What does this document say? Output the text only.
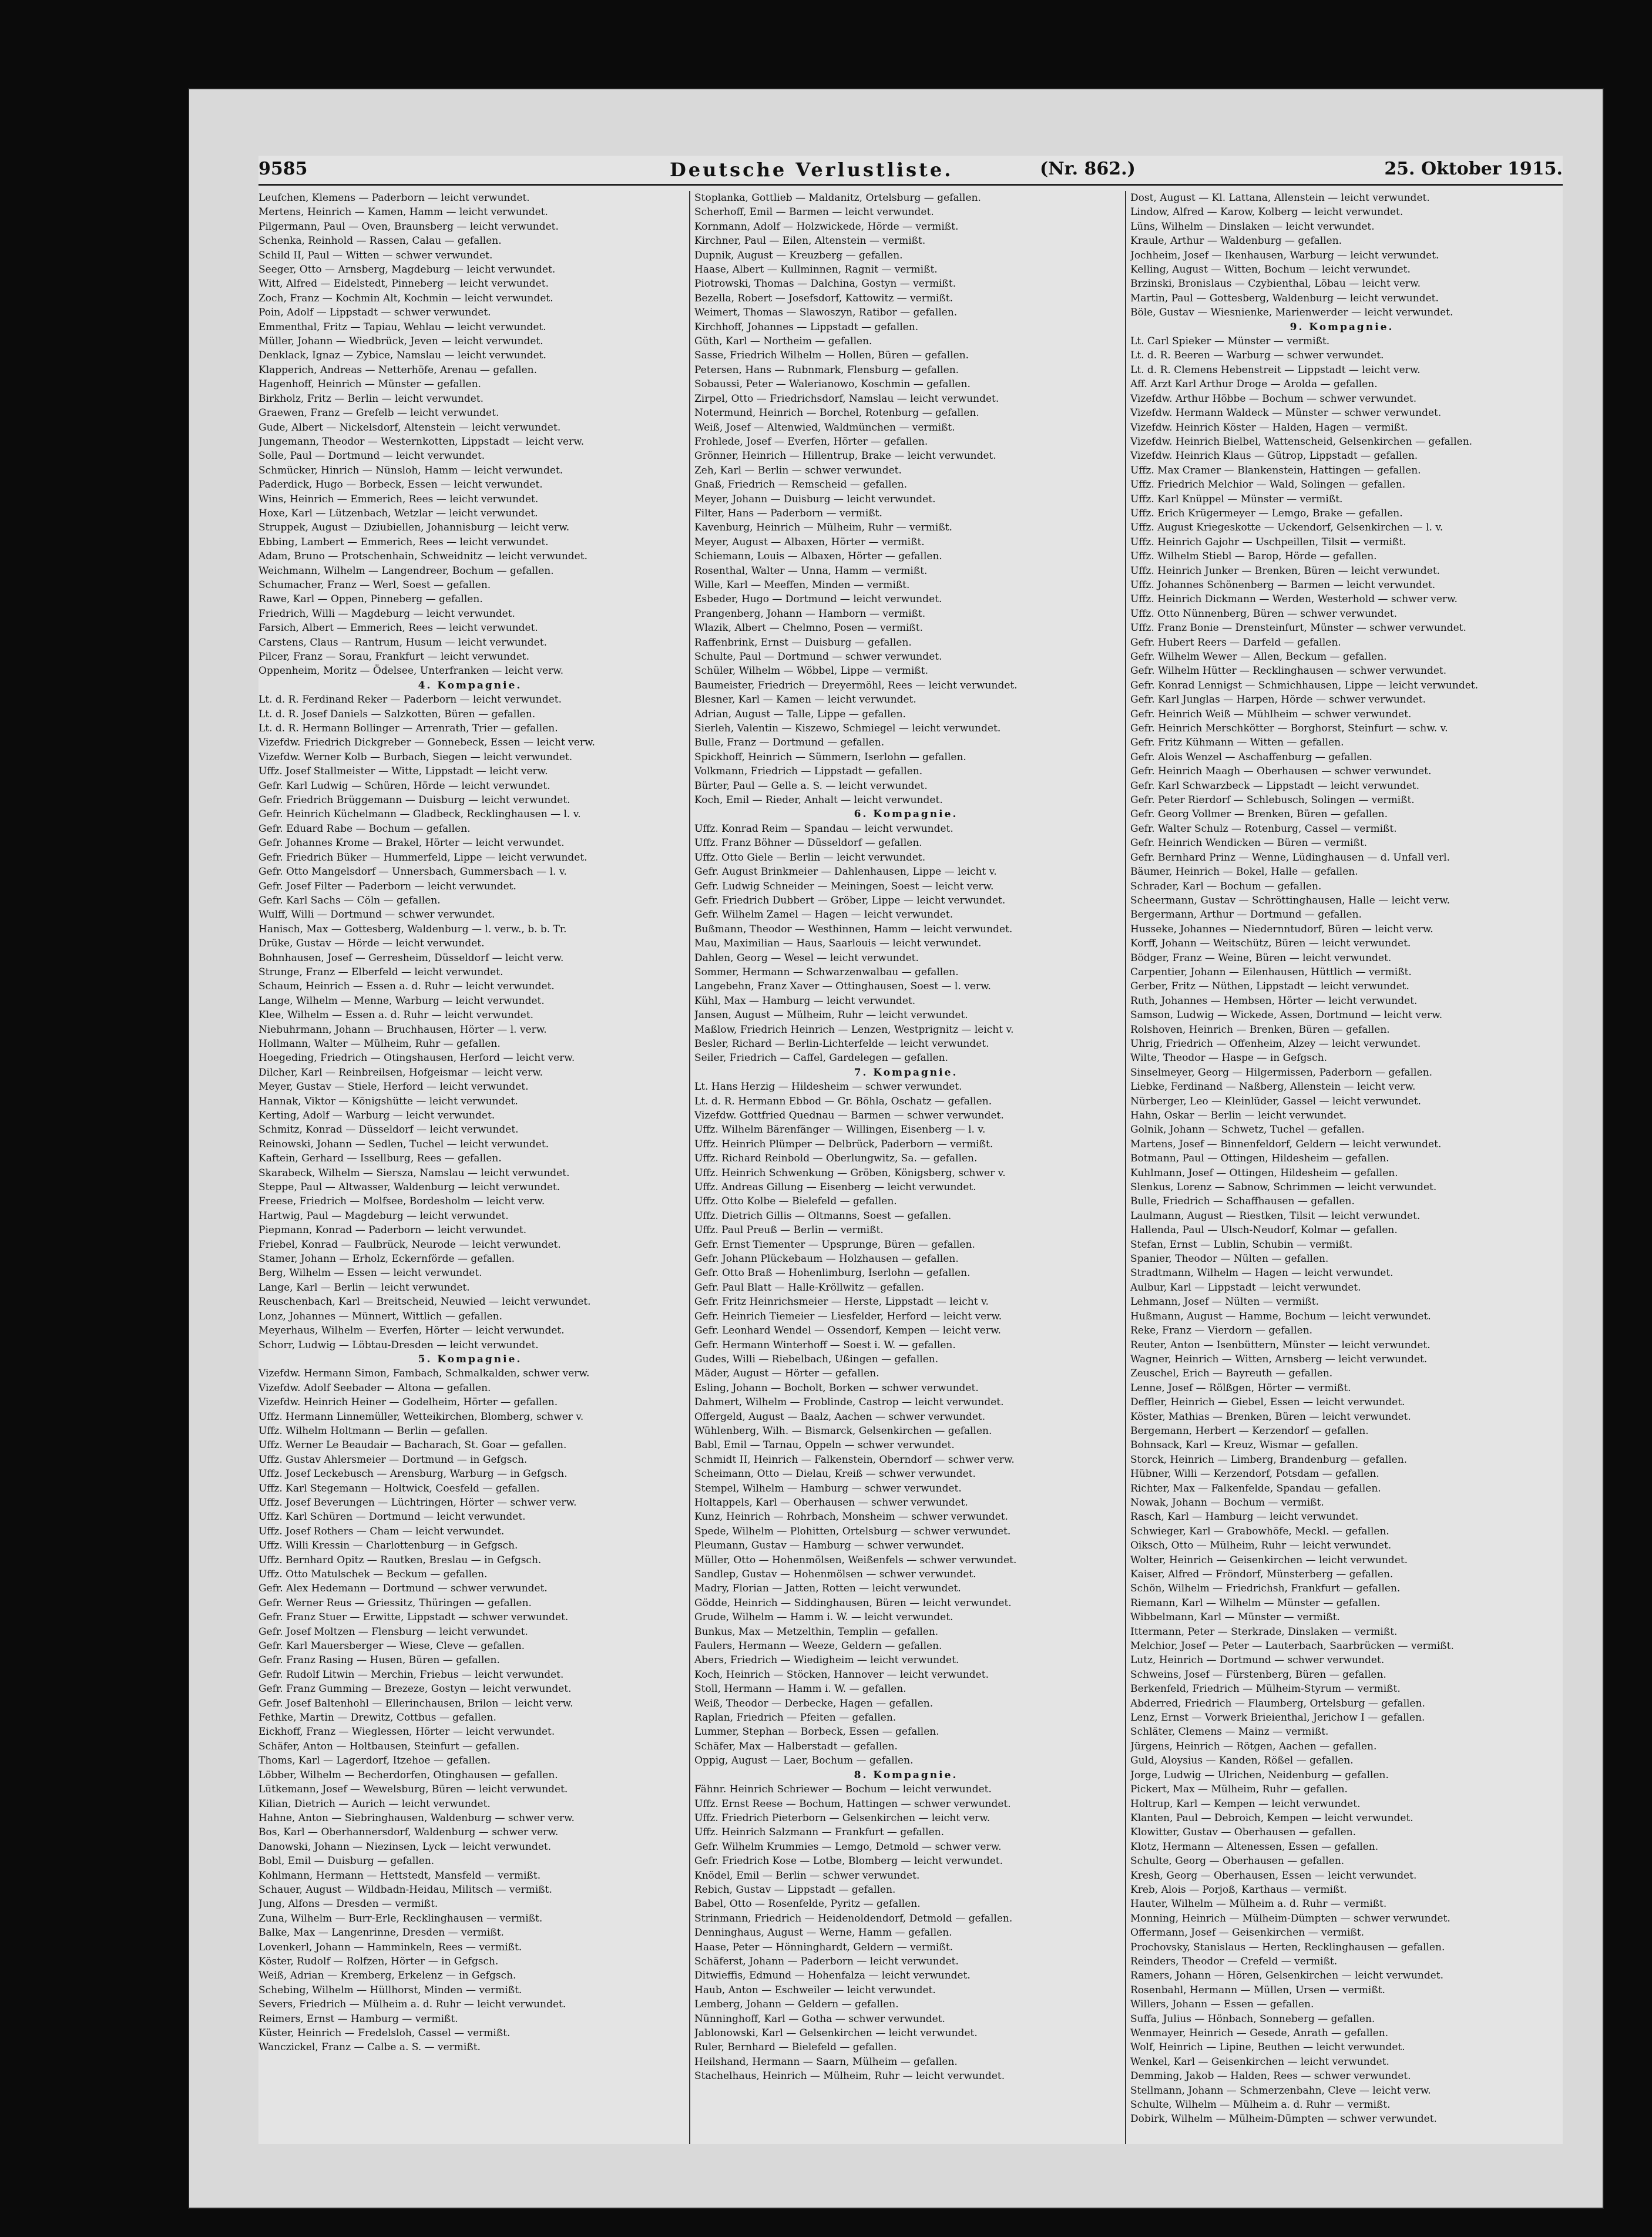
9585	Deutsche Verlustliste.	(Nr. 862.)	25. Oktober 1915.
Leufchen, Klemens — Paderborn — leicht verwundet.
Mertens, Heinrich — Kamen, Hamm — leicht verwundet.
Pilgermann, Paul — Oven, Braunsberg — leicht verwundet.
Schenka, Reinhold — Rassen, Calau — gefallen.
Schild II, Paul — Witten — schwer verwundet.
Seeger, Otto — Arnsberg, Magdeburg — leicht verwundet.
Witt, Alfred — Eidelstedt, Pinneberg — leicht verwundet.
Zoch, Franz — Kochmin Alt, Kochmin — leicht verwundet.
Poin, Adolf — Lippstadt — schwer verwundet.
Emmenthal, Fritz — Tapiau, Wehlau — leicht verwundet.
Müller, Johann — Wiedbrück, Jeven — leicht verwundet.
Denklack, Ignaz — Zybice, Namslau — leicht verwundet.
Klapperich, Andreas — Netterhöfe, Arenau — gefallen.
Hagenhoff, Heinrich — Münster — gefallen.
Birkholz, Fritz — Berlin — leicht verwundet.
Graewen, Franz — Grefelb — leicht verwundet.
Gude, Albert — Nickelsdorf, Altenstein — leicht verwundet.
Jungemann, Theodor — Westernkotten, Lippstadt — leicht verw.
Solle, Paul — Dortmund — leicht verwundet.
Schmücker, Hinrich — Nünsloh, Hamm — leicht verwundet.
Paderdick, Hugo — Borbeck, Essen — leicht verwundet.
Wins, Heinrich — Emmerich, Rees — leicht verwundet.
Hoxe, Karl — Lützenbach, Wetzlar — leicht verwundet.
Struppek, August — Dziubiellen, Johannisburg — leicht verw.
Ebbing, Lambert — Emmerich, Rees — leicht verwundet.
Adam, Bruno — Protschenhain, Schweidnitz — leicht verwundet.
Weichmann, Wilhelm — Langendreer, Bochum — gefallen.
Schumacher, Franz — Werl, Soest — gefallen.
Rawe, Karl — Oppen, Pinneberg — gefallen.
Friedrich, Willi — Magdeburg — leicht verwundet.
Farsich, Albert — Emmerich, Rees — leicht verwundet.
Carstens, Claus — Rantrum, Husum — leicht verwundet.
Pilcer, Franz — Sorau, Frankfurt — leicht verwundet.
Oppenheim, Moritz — Ödelsee, Unterfranken — leicht verw.
4. Kompagnie.
Lt. d. R. Ferdinand Reker — Paderborn — leicht verwundet.
Lt. d. R. Josef Daniels — Salzkotten, Büren — gefallen.
Lt. d. R. Hermann Bollinger — Arrenrath, Trier — gefallen.
Vizefdw. Friedrich Dickgreber — Gonnebeck, Essen — leicht verw.
Vizefdw. Werner Kolb — Burbach, Siegen — leicht verwundet.
Uffz. Josef Stallmeister — Witte, Lippstadt — leicht verw.
Gefr. Karl Ludwig — Schüren, Hörde — leicht verwundet.
Gefr. Friedrich Brüggemann — Duisburg — leicht verwundet.
Gefr. Heinrich Küchelmann — Gladbeck, Recklinghausen — l. v.
Gefr. Eduard Rabe — Bochum — gefallen.
Gefr. Johannes Krome — Brakel, Hörter — leicht verwundet.
Gefr. Friedrich Büker — Hummerfeld, Lippe — leicht verwundet.
Gefr. Otto Mangelsdorf — Unnersbach, Gummersbach — l. v.
Gefr. Josef Filter — Paderborn — leicht verwundet.
Gefr. Karl Sachs — Cöln — gefallen.
Wulff, Willi — Dortmund — schwer verwundet.
Hanisch, Max — Gottesberg, Waldenburg — l. verw., b. b. Tr.
Drüke, Gustav — Hörde — leicht verwundet.
Bohnhausen, Josef — Gerresheim, Düsseldorf — leicht verw.
Strunge, Franz — Elberfeld — leicht verwundet.
Schaum, Heinrich — Essen a. d. Ruhr — leicht verwundet.
Lange, Wilhelm — Menne, Warburg — leicht verwundet.
Klee, Wilhelm — Essen a. d. Ruhr — leicht verwundet.
Niebuhrmann, Johann — Bruchhausen, Hörter — l. verw.
Hollmann, Walter — Mülheim, Ruhr — gefallen.
Hoegeding, Friedrich — Otingshausen, Herford — leicht verw.
Dilcher, Karl — Reinbreilsen, Hofgeismar — leicht verw.
Meyer, Gustav — Stiele, Herford — leicht verwundet.
Hannak, Viktor — Königshütte — leicht verwundet.
Kerting, Adolf — Warburg — leicht verwundet.
Schmitz, Konrad — Düsseldorf — leicht verwundet.
Reinowski, Johann — Sedlen, Tuchel — leicht verwundet.
Kaftein, Gerhard — Issellburg, Rees — gefallen.
Skarabeck, Wilhelm — Siersza, Namslau — leicht verwundet.
Steppe, Paul — Altwasser, Waldenburg — leicht verwundet.
Freese, Friedrich — Molfsee, Bordesholm — leicht verw.
Hartwig, Paul — Magdeburg — leicht verwundet.
Piepmann, Konrad — Paderborn — leicht verwundet.
Friebel, Konrad — Faulbrück, Neurode — leicht verwundet.
Stamer, Johann — Erholz, Eckernförde — gefallen.
Berg, Wilhelm — Essen — leicht verwundet.
Lange, Karl — Berlin — leicht verwundet.
Reuschenbach, Karl — Breitscheid, Neuwied — leicht verwundet.
Lonz, Johannes — Münnert, Wittlich — gefallen.
Meyerhaus, Wilhelm — Everfen, Hörter — leicht verwundet.
Schorr, Ludwig — Löbtau-Dresden — leicht verwundet.
5. Kompagnie.
Vizefdw. Hermann Simon, Fambach, Schmalkalden, schwer verw.
Vizefdw. Adolf Seebader — Altona — gefallen.
Vizefdw. Heinrich Heiner — Godelheim, Hörter — gefallen.
Uffz. Hermann Linnemüller, Wetteikirchen, Blomberg, schwer v.
Uffz. Wilhelm Holtmann — Berlin — gefallen.
Uffz. Werner Le Beaudair — Bacharach, St. Goar — gefallen.
Uffz. Gustav Ahlersmeier — Dortmund — in Gefgsch.
Uffz. Josef Leckebusch — Arensburg, Warburg — in Gefgsch.
Uffz. Karl Stegemann — Holtwick, Coesfeld — gefallen.
Uffz. Josef Beverungen — Lüchtringen, Hörter — schwer verw.
Uffz. Karl Schüren — Dortmund — leicht verwundet.
Uffz. Josef Rothers — Cham — leicht verwundet.
Uffz. Willi Kressin — Charlottenburg — in Gefgsch.
Uffz. Bernhard Opitz — Rautken, Breslau — in Gefgsch.
Uffz. Otto Matulschek — Beckum — gefallen.
Gefr. Alex Hedemann — Dortmund — schwer verwundet.
Gefr. Werner Reus — Griessitz, Thüringen — gefallen.
Gefr. Franz Stuer — Erwitte, Lippstadt — schwer verwundet.
Gefr. Josef Moltzen — Flensburg — leicht verwundet.
Gefr. Karl Mauersberger — Wiese, Cleve — gefallen.
Gefr. Franz Rasing — Husen, Büren — gefallen.
Gefr. Rudolf Litwin — Merchin, Friebus — leicht verwundet.
Gefr. Franz Gumming — Brezeze, Gostyn — leicht verwundet.
Gefr. Josef Baltenhohl — Ellerinchausen, Brilon — leicht verw.
Fethke, Martin — Drewitz, Cottbus — gefallen.
Eickhoff, Franz — Wieglessen, Hörter — leicht verwundet.
Schäfer, Anton — Holtbausen, Steinfurt — gefallen.
Thoms, Karl — Lagerdorf, Itzehoe — gefallen.
Löbber, Wilhelm — Becherdorfen, Otinghausen — gefallen.
Lütkemann, Josef — Wewelsburg, Büren — leicht verwundet.
Kilian, Dietrich — Aurich — leicht verwundet.
Hahne, Anton — Siebringhausen, Waldenburg — schwer verw.
Bos, Karl — Oberhannersdorf, Waldenburg — schwer verw.
Danowski, Johann — Niezinsen, Lyck — leicht verwundet.
Bobl, Emil — Duisburg — gefallen.
Kohlmann, Hermann — Hettstedt, Mansfeld — vermißt.
Schauer, August — Wildbadn-Heidau, Militsch — vermißt.
Jung, Alfons — Dresden — vermißt.
Zuna, Wilhelm — Burr-Erle, Recklinghausen — vermißt.
Balke, Max — Langenrinne, Dresden — vermißt.
Lovenkerl, Johann — Hamminkeln, Rees — vermißt.
Köster, Rudolf — Rolfzen, Hörter — in Gefgsch.
Weiß, Adrian — Kremberg, Erkelenz — in Gefgsch.
Schebing, Wilhelm — Hüllhorst, Minden — vermißt.
Severs, Friedrich — Mülheim a. d. Ruhr — leicht verwundet.
Reimers, Ernst — Hamburg — vermißt.
Küster, Heinrich — Fredelsloh, Cassel — vermißt.
Wanczickel, Franz — Calbe a. S. — vermißt.
Stoplanka, Gottlieb — Maldanitz, Ortelsburg — gefallen.
Scherhoff, Emil — Barmen — leicht verwundet.
Kornmann, Adolf — Holzwickede, Hörde — vermißt.
Kirchner, Paul — Eilen, Altenstein — vermißt.
Dupnik, August — Kreuzberg — gefallen.
Haase, Albert — Kullminnen, Ragnit — vermißt.
Piotrowski, Thomas — Dalchina, Gostyn — vermißt.
Bezella, Robert — Josefsdorf, Kattowitz — vermißt.
Weimert, Thomas — Slawoszyn, Ratibor — gefallen.
Kirchhoff, Johannes — Lippstadt — gefallen.
Güth, Karl — Northeim — gefallen.
Sasse, Friedrich Wilhelm — Hollen, Büren — gefallen.
Petersen, Hans — Rubnmark, Flensburg — gefallen.
Sobaussi, Peter — Walerianowo, Koschmin — gefallen.
Zirpel, Otto — Friedrichsdorf, Namslau — leicht verwundet.
Notermund, Heinrich — Borchel, Rotenburg — gefallen.
Weiß, Josef — Altenwied, Waldmünchen — vermißt.
Frohlede, Josef — Everfen, Hörter — gefallen.
Grönner, Heinrich — Hillentrup, Brake — leicht verwundet.
Zeh, Karl — Berlin — schwer verwundet.
Gnaß, Friedrich — Remscheid — gefallen.
Meyer, Johann — Duisburg — leicht verwundet.
Filter, Hans — Paderborn — vermißt.
Kavenburg, Heinrich — Mülheim, Ruhr — vermißt.
Meyer, August — Albaxen, Hörter — vermißt.
Schiemann, Louis — Albaxen, Hörter — gefallen.
Rosenthal, Walter — Unna, Hamm — vermißt.
Wille, Karl — Meeffen, Minden — vermißt.
Esbeder, Hugo — Dortmund — leicht verwundet.
Prangenberg, Johann — Hamborn — vermißt.
Wlazik, Albert — Chelmno, Posen — vermißt.
Raffenbrink, Ernst — Duisburg — gefallen.
Schulte, Paul — Dortmund — schwer verwundet.
Schüler, Wilhelm — Wöbbel, Lippe — vermißt.
Baumeister, Friedrich — Dreyermöhl, Rees — leicht verwundet.
Blesner, Karl — Kamen — leicht verwundet.
Adrian, August — Talle, Lippe — gefallen.
Sierleh, Valentin — Kiszewo, Schmiegel — leicht verwundet.
Bulle, Franz — Dortmund — gefallen.
Spickhoff, Heinrich — Sümmern, Iserlohn — gefallen.
Volkmann, Friedrich — Lippstadt — gefallen.
Bürter, Paul — Gelle a. S. — leicht verwundet.
Koch, Emil — Rieder, Anhalt — leicht verwundet.
6. Kompagnie.
Uffz. Konrad Reim — Spandau — leicht verwundet.
Uffz. Franz Böhner — Düsseldorf — gefallen.
Uffz. Otto Giele — Berlin — leicht verwundet.
Gefr. August Brinkmeier — Dahlenhausen, Lippe — leicht v.
Gefr. Ludwig Schneider — Meiningen, Soest — leicht verw.
Gefr. Friedrich Dubbert — Gröber, Lippe — leicht verwundet.
Gefr. Wilhelm Zamel — Hagen — leicht verwundet.
Bußmann, Theodor — Westhinnen, Hamm — leicht verwundet.
Mau, Maximilian — Haus, Saarlouis — leicht verwundet.
Dahlen, Georg — Wesel — leicht verwundet.
Sommer, Hermann — Schwarzenwalbau — gefallen.
Langebehn, Franz Xaver — Ottinghausen, Soest — l. verw.
Kühl, Max — Hamburg — leicht verwundet.
Jansen, August — Mülheim, Ruhr — leicht verwundet.
Maßlow, Friedrich Heinrich — Lenzen, Westprignitz — leicht v.
Besler, Richard — Berlin-Lichterfelde — leicht verwundet.
Seiler, Friedrich — Caffel, Gardelegen — gefallen.
7. Kompagnie.
Lt. Hans Herzig — Hildesheim — schwer verwundet.
Lt. d. R. Hermann Ebbod — Gr. Böhla, Oschatz — gefallen.
Vizefdw. Gottfried Quednau — Barmen — schwer verwundet.
Uffz. Wilhelm Bärenfänger — Willingen, Eisenberg — l. v.
Uffz. Heinrich Plümper — Delbrück, Paderborn — vermißt.
Uffz. Richard Reinbold — Oberlungwitz, Sa. — gefallen.
Uffz. Heinrich Schwenkung — Gröben, Königsberg, schwer v.
Uffz. Andreas Gillung — Eisenberg — leicht verwundet.
Uffz. Otto Kolbe — Bielefeld — gefallen.
Uffz. Dietrich Gillis — Oltmanns, Soest — gefallen.
Uffz. Paul Preuß — Berlin — vermißt.
Gefr. Ernst Tiementer — Upsprunge, Büren — gefallen.
Gefr. Johann Plückebaum — Holzhausen — gefallen.
Gefr. Otto Braß — Hohenlimburg, Iserlohn — gefallen.
Gefr. Paul Blatt — Halle-Kröllwitz — gefallen.
Gefr. Fritz Heinrichsmeier — Herste, Lippstadt — leicht v.
Gefr. Heinrich Tiemeier — Liesfelder, Herford — leicht verw.
Gefr. Leonhard Wendel — Ossendorf, Kempen — leicht verw.
Gefr. Hermann Winterhoff — Soest i. W. — gefallen.
Gudes, Willi — Riebelbach, Ußingen — gefallen.
Mäder, August — Hörter — gefallen.
Esling, Johann — Bocholt, Borken — schwer verwundet.
Dahmert, Wilhelm — Froblinde, Castrop — leicht verwundet.
Offergeld, August — Baalz, Aachen — schwer verwundet.
Wühlenberg, Wilh. — Bismarck, Gelsenkirchen — gefallen.
Babl, Emil — Tarnau, Oppeln — schwer verwundet.
Schmidt II, Heinrich — Falkenstein, Oberndorf — schwer verw.
Scheimann, Otto — Dielau, Kreiß — schwer verwundet.
Stempel, Wilhelm — Hamburg — schwer verwundet.
Holtappels, Karl — Oberhausen — schwer verwundet.
Kunz, Heinrich — Rohrbach, Monsheim — schwer verwundet.
Spede, Wilhelm — Plohitten, Ortelsburg — schwer verwundet.
Pleumann, Gustav — Hamburg — schwer verwundet.
Müller, Otto — Hohenmölsen, Weißenfels — schwer verwundet.
Sandlep, Gustav — Hohenmölsen — schwer verwundet.
Madry, Florian — Jatten, Rotten — leicht verwundet.
Gödde, Heinrich — Siddinghausen, Büren — leicht verwundet.
Grude, Wilhelm — Hamm i. W. — leicht verwundet.
Bunkus, Max — Metzelthin, Templin — gefallen.
Faulers, Hermann — Weeze, Geldern — gefallen.
Abers, Friedrich — Wiedigheim — leicht verwundet.
Koch, Heinrich — Stöcken, Hannover — leicht verwundet.
Stoll, Hermann — Hamm i. W. — gefallen.
Weiß, Theodor — Derbecke, Hagen — gefallen.
Raplan, Friedrich — Pfeiten — gefallen.
Lummer, Stephan — Borbeck, Essen — gefallen.
Schäfer, Max — Halberstadt — gefallen.
Oppig, August — Laer, Bochum — gefallen.
8. Kompagnie.
Fähnr. Heinrich Schriewer — Bochum — leicht verwundet.
Uffz. Ernst Reese — Bochum, Hattingen — schwer verwundet.
Uffz. Friedrich Pieterborn — Gelsenkirchen — leicht verw.
Uffz. Heinrich Salzmann — Frankfurt — gefallen.
Gefr. Wilhelm Krummies — Lemgo, Detmold — schwer verw.
Gefr. Friedrich Kose — Lotbe, Blomberg — leicht verwundet.
Knödel, Emil — Berlin — schwer verwundet.
Rebich, Gustav — Lippstadt — gefallen.
Babel, Otto — Rosenfelde, Pyritz — gefallen.
Strinmann, Friedrich — Heidenoldendorf, Detmold — gefallen.
Denninghaus, August — Werne, Hamm — gefallen.
Haase, Peter — Hönninghardt, Geldern — vermißt.
Schäferst, Johann — Paderborn — leicht verwundet.
Ditwieffis, Edmund — Hohenfalza — leicht verwundet.
Haub, Anton — Eschweiler — leicht verwundet.
Lemberg, Johann — Geldern — gefallen.
Nünninghoff, Karl — Gotha — schwer verwundet.
Jablonowski, Karl — Gelsenkirchen — leicht verwundet.
Ruler, Bernhard — Bielefeld — gefallen.
Heilshand, Hermann — Saarn, Mülheim — gefallen.
Stachelhaus, Heinrich — Mülheim, Ruhr — leicht verwundet.
Dost, August — Kl. Lattana, Allenstein — leicht verwundet.
Lindow, Alfred — Karow, Kolberg — leicht verwundet.
Lüns, Wilhelm — Dinslaken — leicht verwundet.
Kraule, Arthur — Waldenburg — gefallen.
Jochheim, Josef — Ikenhausen, Warburg — leicht verwundet.
Kelling, August — Witten, Bochum — leicht verwundet.
Brzinski, Bronislaus — Czybienthal, Löbau — leicht verw.
Martin, Paul — Gottesberg, Waldenburg — leicht verwundet.
Böle, Gustav — Wiesnienke, Marienwerder — leicht verwundet.
9. Kompagnie.
Lt. Carl Spieker — Münster — vermißt.
Lt. d. R. Beeren — Warburg — schwer verwundet.
Lt. d. R. Clemens Hebenstreit — Lippstadt — leicht verw.
Aff. Arzt Karl Arthur Droge — Arolda — gefallen.
Vizefdw. Arthur Höbbe — Bochum — schwer verwundet.
Vizefdw. Hermann Waldeck — Münster — schwer verwundet.
Vizefdw. Heinrich Köster — Halden, Hagen — vermißt.
Vizefdw. Heinrich Bielbel, Wattenscheid, Gelsenkirchen — gefallen.
Vizefdw. Heinrich Klaus — Gütrop, Lippstadt — gefallen.
Uffz. Max Cramer — Blankenstein, Hattingen — gefallen.
Uffz. Friedrich Melchior — Wald, Solingen — gefallen.
Uffz. Karl Knüppel — Münster — vermißt.
Uffz. Erich Krügermeyer — Lemgo, Brake — gefallen.
Uffz. August Kriegeskotte — Uckendorf, Gelsenkirchen — l. v.
Uffz. Heinrich Gajohr — Uschpeillen, Tilsit — vermißt.
Uffz. Wilhelm Stiebl — Barop, Hörde — gefallen.
Uffz. Heinrich Junker — Brenken, Büren — leicht verwundet.
Uffz. Johannes Schönenberg — Barmen — leicht verwundet.
Uffz. Heinrich Dickmann — Werden, Westerhold — schwer verw.
Uffz. Otto Nünnenberg, Büren — schwer verwundet.
Uffz. Franz Bonie — Drensteinfurt, Münster — schwer verwundet.
Gefr. Hubert Reers — Darfeld — gefallen.
Gefr. Wilhelm Wewer — Allen, Beckum — gefallen.
Gefr. Wilhelm Hütter — Recklinghausen — schwer verwundet.
Gefr. Konrad Lennigst — Schmichhausen, Lippe — leicht verwundet.
Gefr. Karl Junglas — Harpen, Hörde — schwer verwundet.
Gefr. Heinrich Weiß — Mühlheim — schwer verwundet.
Gefr. Heinrich Merschkötter — Borghorst, Steinfurt — schw. v.
Gefr. Fritz Kühmann — Witten — gefallen.
Gefr. Alois Wenzel — Aschaffenburg — gefallen.
Gefr. Heinrich Maagh — Oberhausen — schwer verwundet.
Gefr. Karl Schwarzbeck — Lippstadt — leicht verwundet.
Gefr. Peter Rierdorf — Schlebusch, Solingen — vermißt.
Gefr. Georg Vollmer — Brenken, Büren — gefallen.
Gefr. Walter Schulz — Rotenburg, Cassel — vermißt.
Gefr. Heinrich Wendicken — Büren — vermißt.
Gefr. Bernhard Prinz — Wenne, Lüdinghausen — d. Unfall verl.
Bäumer, Heinrich — Bokel, Halle — gefallen.
Schrader, Karl — Bochum — gefallen.
Scheermann, Gustav — Schröttinghausen, Halle — leicht verw.
Bergermann, Arthur — Dortmund — gefallen.
Husseke, Johannes — Niedernntudorf, Büren — leicht verw.
Korff, Johann — Weitschütz, Büren — leicht verwundet.
Bödger, Franz — Weine, Büren — leicht verwundet.
Carpentier, Johann — Eilenhausen, Hüttlich — vermißt.
Gerber, Fritz — Nüthen, Lippstadt — leicht verwundet.
Ruth, Johannes — Hembsen, Hörter — leicht verwundet.
Samson, Ludwig — Wickede, Assen, Dortmund — leicht verw.
Rolshoven, Heinrich — Brenken, Büren — gefallen.
Uhrig, Friedrich — Offenheim, Alzey — leicht verwundet.
Wilte, Theodor — Haspe — in Gefgsch.
Sinselmeyer, Georg — Hilgermissen, Paderborn — gefallen.
Liebke, Ferdinand — Naßberg, Allenstein — leicht verw.
Nürberger, Leo — Kleinlüder, Gassel — leicht verwundet.
Hahn, Oskar — Berlin — leicht verwundet.
Golnik, Johann — Schwetz, Tuchel — gefallen.
Martens, Josef — Binnenfeldorf, Geldern — leicht verwundet.
Botmann, Paul — Ottingen, Hildesheim — gefallen.
Kuhlmann, Josef — Ottingen, Hildesheim — gefallen.
Slenkus, Lorenz — Sabnow, Schrimmen — leicht verwundet.
Bulle, Friedrich — Schaffhausen — gefallen.
Laulmann, August — Riestken, Tilsit — leicht verwundet.
Hallenda, Paul — Ulsch-Neudorf, Kolmar — gefallen.
Stefan, Ernst — Lublin, Schubin — vermißt.
Spanier, Theodor — Nülten — gefallen.
Stradtmann, Wilhelm — Hagen — leicht verwundet.
Aulbur, Karl — Lippstadt — leicht verwundet.
Lehmann, Josef — Nülten — vermißt.
Hußmann, August — Hamme, Bochum — leicht verwundet.
Reke, Franz — Vierdorn — gefallen.
Reuter, Anton — Isenbüttern, Münster — leicht verwundet.
Wagner, Heinrich — Witten, Arnsberg — leicht verwundet.
Zeuschel, Erich — Bayreuth — gefallen.
Lenne, Josef — Rölßgen, Hörter — vermißt.
Deffler, Heinrich — Giebel, Essen — leicht verwundet.
Köster, Mathias — Brenken, Büren — leicht verwundet.
Bergemann, Herbert — Kerzendorf — gefallen.
Bohnsack, Karl — Kreuz, Wismar — gefallen.
Storck, Heinrich — Limberg, Brandenburg — gefallen.
Hübner, Willi — Kerzendorf, Potsdam — gefallen.
Richter, Max — Falkenfelde, Spandau — gefallen.
Nowak, Johann — Bochum — vermißt.
Rasch, Karl — Hamburg — leicht verwundet.
Schwieger, Karl — Grabowhöfe, Meckl. — gefallen.
Oiksch, Otto — Mülheim, Ruhr — leicht verwundet.
Wolter, Heinrich — Geisenkirchen — leicht verwundet.
Kaiser, Alfred — Fröndorf, Münsterberg — gefallen.
Schön, Wilhelm — Friedrichsh, Frankfurt — gefallen.
Riemann, Karl — Wilhelm — Münster — gefallen.
Wibbelmann, Karl — Münster — vermißt.
Ittermann, Peter — Sterkrade, Dinslaken — vermißt.
Melchior, Josef — Peter — Lauterbach, Saarbrücken — vermißt.
Lutz, Heinrich — Dortmund — schwer verwundet.
Schweins, Josef — Fürstenberg, Büren — gefallen.
Berkenfeld, Friedrich — Mülheim-Styrum — vermißt.
Abderred, Friedrich — Flaumberg, Ortelsburg — gefallen.
Lenz, Ernst — Vorwerk Brieienthal, Jerichow I — gefallen.
Schläter, Clemens — Mainz — vermißt.
Jürgens, Heinrich — Rötgen, Aachen — gefallen.
Guld, Aloysius — Kanden, Rößel — gefallen.
Jorge, Ludwig — Ulrichen, Neidenburg — gefallen.
Pickert, Max — Mülheim, Ruhr — gefallen.
Holtrup, Karl — Kempen — leicht verwundet.
Klanten, Paul — Debroich, Kempen — leicht verwundet.
Klowitter, Gustav — Oberhausen — gefallen.
Klotz, Hermann — Altenessen, Essen — gefallen.
Schulte, Georg — Oberhausen — gefallen.
Kresh, Georg — Oberhausen, Essen — leicht verwundet.
Kreb, Alois — Porjoß, Karthaus — vermißt.
Hauter, Wilhelm — Mülheim a. d. Ruhr — vermißt.
Monning, Heinrich — Mülheim-Dümpten — schwer verwundet.
Offermann, Josef — Geisenkirchen — vermißt.
Prochovsky, Stanislaus — Herten, Recklinghausen — gefallen.
Reinders, Theodor — Crefeld — vermißt.
Ramers, Johann — Hören, Gelsenkirchen — leicht verwundet.
Rosenbahl, Hermann — Müllen, Ursen — vermißt.
Willers, Johann — Essen — gefallen.
Suffa, Julius — Hönbach, Sonneberg — gefallen.
Wenmayer, Heinrich — Gesede, Anrath — gefallen.
Wolf, Heinrich — Lipine, Beuthen — leicht verwundet.
Wenkel, Karl — Geisenkirchen — leicht verwundet.
Demming, Jakob — Halden, Rees — schwer verwundet.
Stellmann, Johann — Schmerzenbahn, Cleve — leicht verw.
Schulte, Wilhelm — Mülheim a. d. Ruhr — vermißt.
Dobirk, Wilhelm — Mülheim-Dümpten — schwer verwundet.
